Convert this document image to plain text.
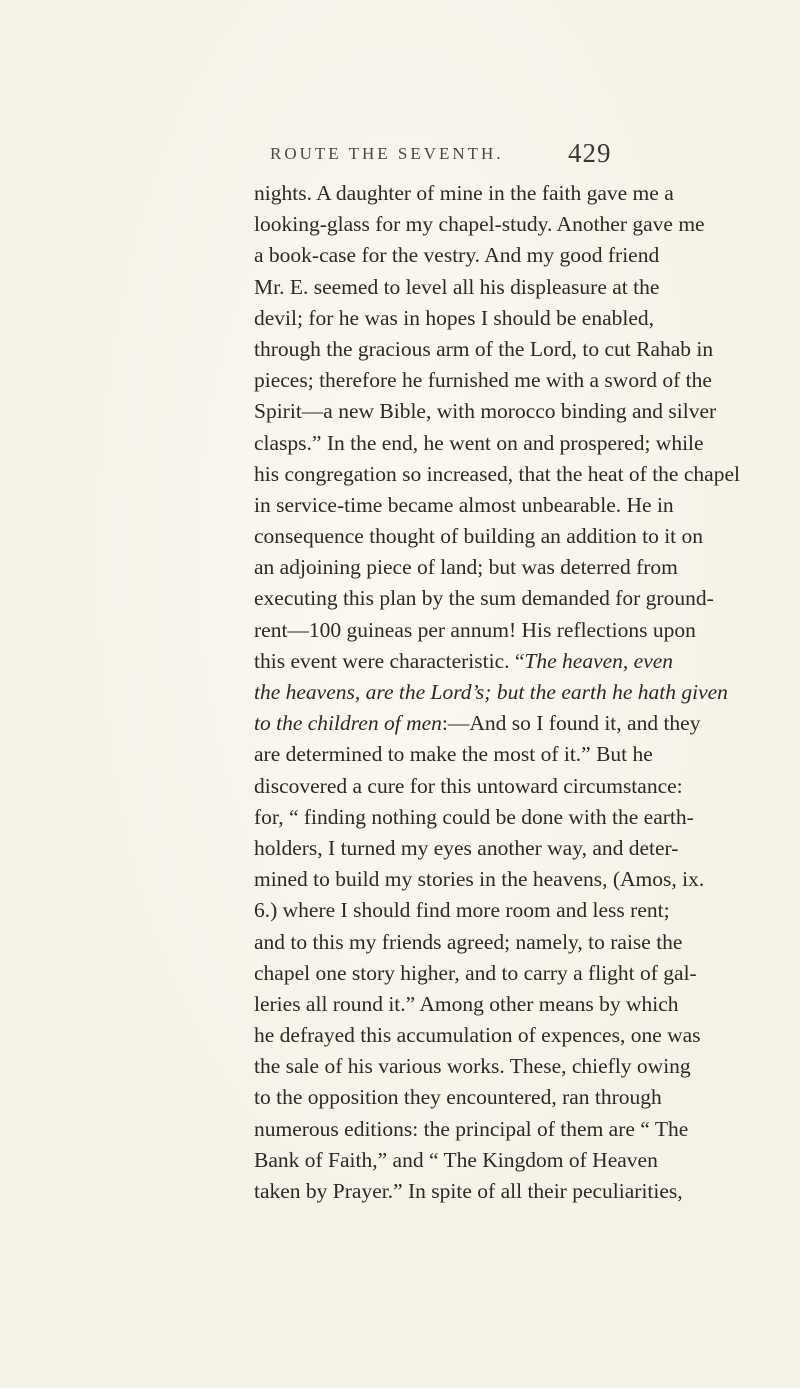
ROUTE THE SEVENTH. 429
nights. A daughter of mine in the faith gave me a
looking-glass for my chapel-study. Another gave me
a book-case for the vestry. And my good friend
Mr. E. seemed to level all his displeasure at the
devil; for he was in hopes I should be enabled,
through the gracious arm of the Lord, to cut Rahab in
pieces; therefore he furnished me with a sword of the
Spirit—a new Bible, with morocco binding and silver
clasps.” In the end, he went on and prospered; while
his congregation so increased, that the heat of the chapel
in service-time became almost unbearable. He in
consequence thought of building an addition to it on
an adjoining piece of land; but was deterred from
executing this plan by the sum demanded for ground-
rent—100 guineas per annum! His reflections upon
this event were characteristic. “The heaven, even
the heavens, are the Lord’s; but the earth he hath given
to the children of men:—And so I found it, and they
are determined to make the most of it.” But he
discovered a cure for this untoward circumstance:
for, “ finding nothing could be done with the earth-
holders, I turned my eyes another way, and deter-
mined to build my stories in the heavens, (Amos, ix.
6.) where I should find more room and less rent;
and to this my friends agreed; namely, to raise the
chapel one story higher, and to carry a flight of gal-
leries all round it.” Among other means by which
he defrayed this accumulation of expences, one was
the sale of his various works. These, chiefly owing
to the opposition they encountered, ran through
numerous editions: the principal of them are “ The
Bank of Faith,” and “ The Kingdom of Heaven
taken by Prayer.” In spite of all their peculiarities,
